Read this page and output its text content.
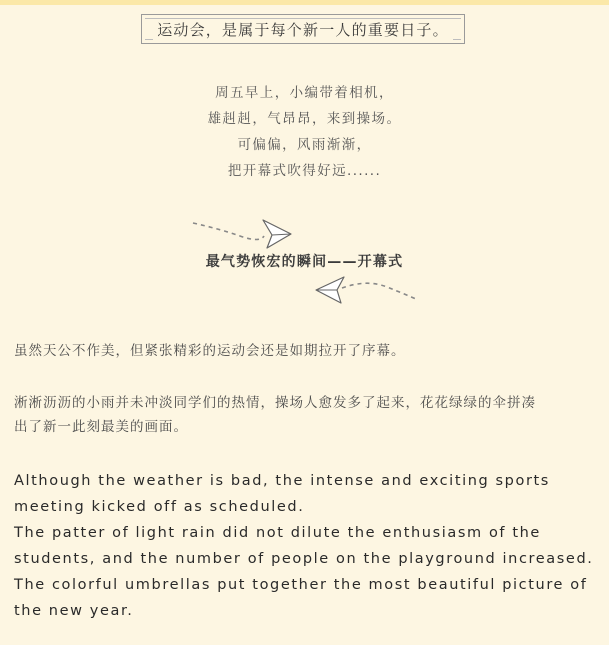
运动会，是属于每个新一人的重要日子。
周五早上，小编带着相机，
雄赳赳，气昂昂，来到操场。
可偏偏，风雨渐渐，
把开幕式吹得好远......
最气势恢宏的瞬间——开幕式

虽然天公不作美，但紧张精彩的运动会还是如期拉开了序幕。

淅淅沥沥的小雨并未冲淡同学们的热情，操场人愈发多了起来，花花绿绿的伞拼凑
出了新一此刻最美的画面。
Although the weather is bad, the intense and exciting sports
meeting kicked off as scheduled.
The patter of light rain did not dilute the enthusiasm of the
students, and the number of people on the playground increased.
The colorful umbrellas put together the most beautiful picture of
the new year.
